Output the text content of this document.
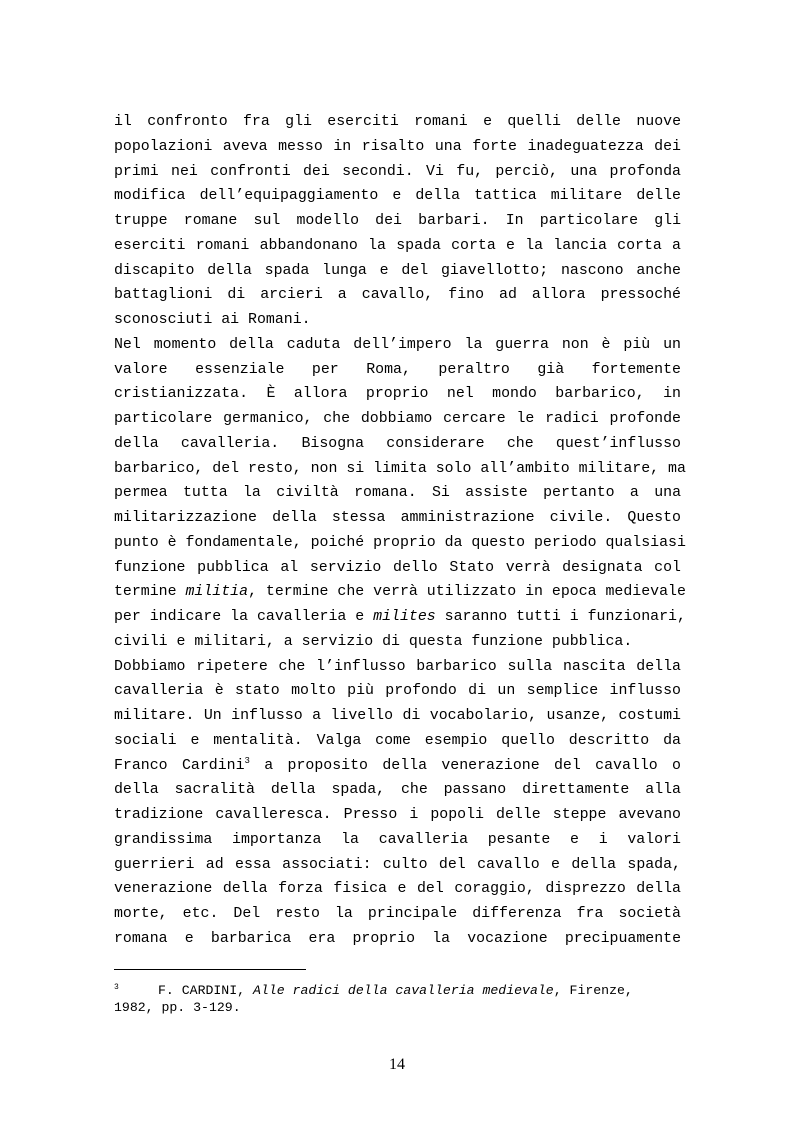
il confronto fra gli eserciti romani e quelli delle nuove
popolazioni aveva messo in risalto una forte inadeguatezza dei
primi nei confronti dei secondi. Vi fu, perciò, una profonda
modifica dell’equipaggiamento e della tattica militare delle
truppe romane sul modello dei barbari. In particolare gli
eserciti romani abbandonano la spada corta e la lancia corta a
discapito della spada lunga e del giavellotto; nascono anche
battaglioni di arcieri a cavallo, fino ad allora pressoché
sconosciuti ai Romani.
Nel momento della caduta dell’impero la guerra non è più un
valore essenziale per Roma, peraltro già fortemente
cristianizzata. È allora proprio nel mondo barbarico, in
particolare germanico, che dobbiamo cercare le radici profonde
della cavalleria. Bisogna considerare che quest’influsso
barbarico, del resto, non si limita solo all’ambito militare, ma
permea tutta la civiltà romana. Si assiste pertanto a una
militarizzazione della stessa amministrazione civile. Questo
punto è fondamentale, poiché proprio da questo periodo qualsiasi
funzione pubblica al servizio dello Stato verrà designata col
termine militia, termine che verrà utilizzato in epoca medievale
per indicare la cavalleria e milites saranno tutti i funzionari,
civili e militari, a servizio di questa funzione pubblica.
Dobbiamo ripetere che l’influsso barbarico sulla nascita della
cavalleria è stato molto più profondo di un semplice influsso
militare. Un influsso a livello di vocabolario, usanze, costumi
sociali e mentalità. Valga come esempio quello descritto da
Franco Cardini$^3$ a proposito della venerazione del cavallo o
della sacralità della spada, che passano direttamente alla
tradizione cavalleresca. Presso i popoli delle steppe avevano
grandissima importanza la cavalleria pesante e i valori
guerrieri ad essa associati: culto del cavallo e della spada,
venerazione della forza fisica e del coraggio, disprezzo della
morte, etc. Del resto la principale differenza fra società
romana e barbarica era proprio la vocazione precipuamente
3	F. CARDINI, Alle radici della cavalleria medievale, Firenze,
1982, pp. 3-129.
14
